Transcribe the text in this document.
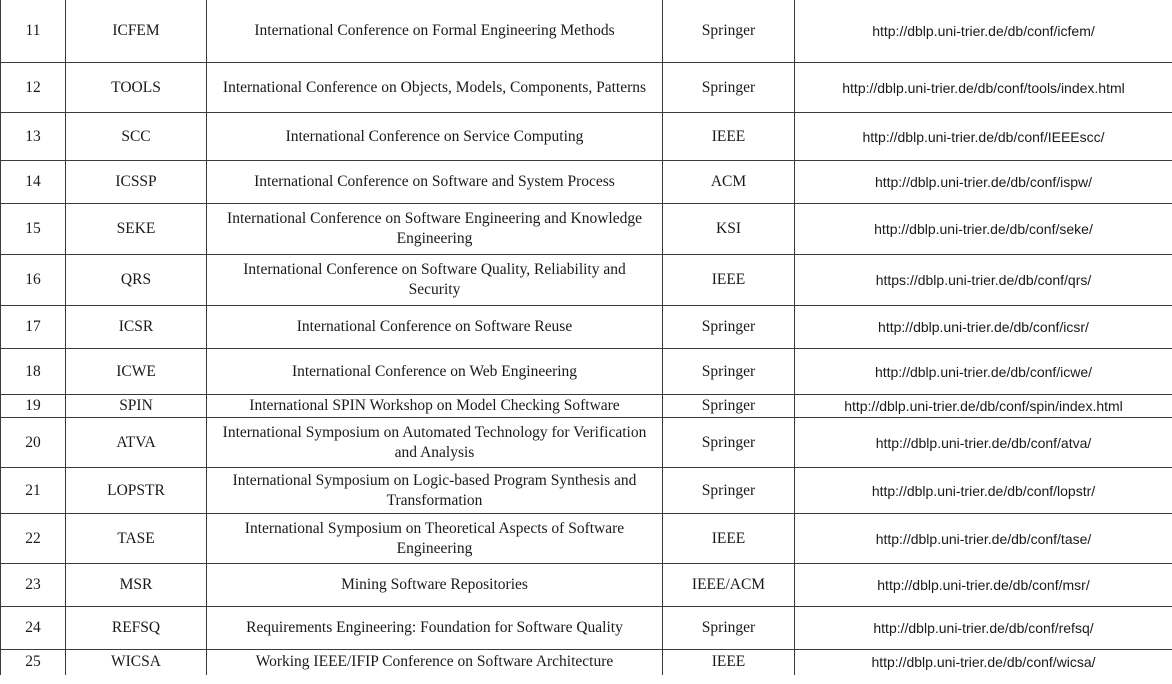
11	ICFEM	International Conference on Formal Engineering Methods	Springer	http://dblp.uni-trier.de/db/conf/icfem/
12	TOOLS	International Conference on Objects, Models, Components, Patterns	Springer	http://dblp.uni-trier.de/db/conf/tools/index.html
13	SCC	International Conference on Service Computing	IEEE	http://dblp.uni-trier.de/db/conf/IEEEscc/
14	ICSSP	International Conference on Software and System Process	ACM	http://dblp.uni-trier.de/db/conf/ispw/
15	SEKE	International Conference on Software Engineering and Knowledge Engineering	KSI	http://dblp.uni-trier.de/db/conf/seke/
16	QRS	International Conference on Software Quality, Reliability and Security	IEEE	https://dblp.uni-trier.de/db/conf/qrs/
17	ICSR	International Conference on Software Reuse	Springer	http://dblp.uni-trier.de/db/conf/icsr/
18	ICWE	International Conference on Web Engineering	Springer	http://dblp.uni-trier.de/db/conf/icwe/
19	SPIN	International SPIN Workshop on Model Checking Software	Springer	http://dblp.uni-trier.de/db/conf/spin/index.html
20	ATVA	International Symposium on Automated Technology for Verification and Analysis	Springer	http://dblp.uni-trier.de/db/conf/atva/
21	LOPSTR	International Symposium on Logic-based Program Synthesis and Transformation	Springer	http://dblp.uni-trier.de/db/conf/lopstr/
22	TASE	International Symposium on Theoretical Aspects of Software Engineering	IEEE	http://dblp.uni-trier.de/db/conf/tase/
23	MSR	Mining Software Repositories	IEEE/ACM	http://dblp.uni-trier.de/db/conf/msr/
24	REFSQ	Requirements Engineering: Foundation for Software Quality	Springer	http://dblp.uni-trier.de/db/conf/refsq/
25	WICSA	Working IEEE/IFIP Conference on Software Architecture	IEEE	http://dblp.uni-trier.de/db/conf/wicsa/
